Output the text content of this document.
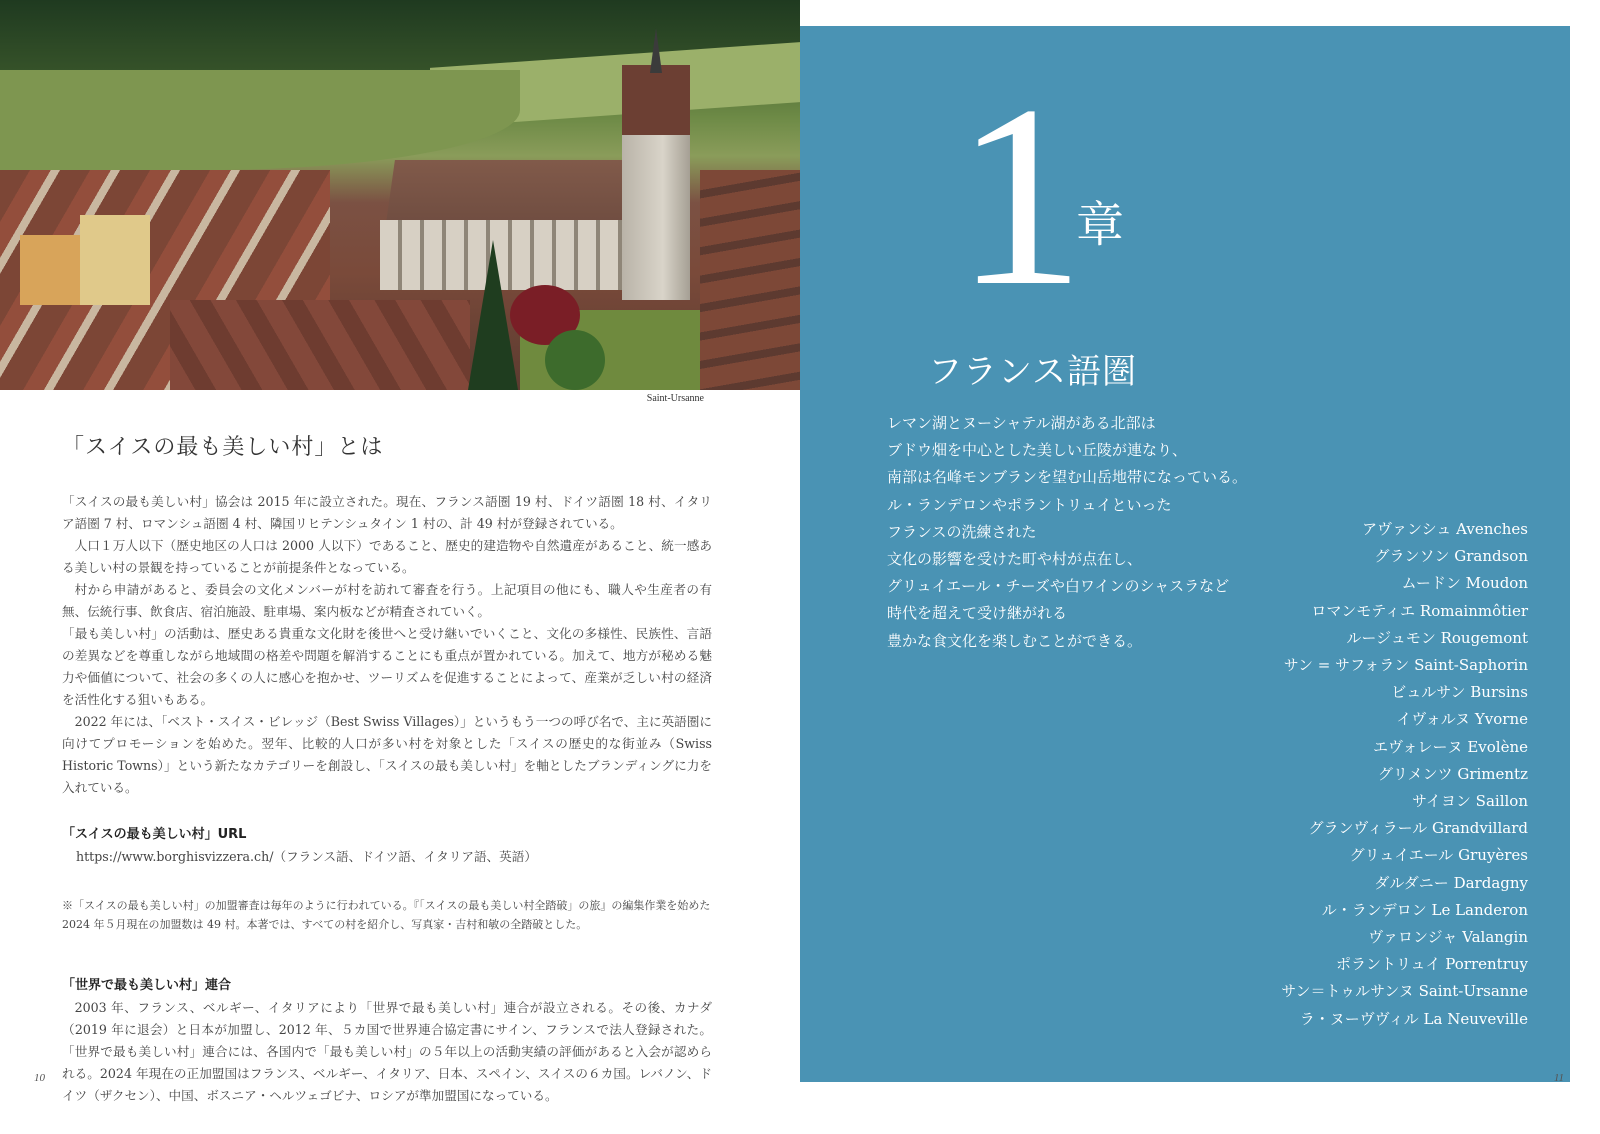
Saint-Ursanne
「スイスの最も美しい村」とは

「スイスの最も美しい村」協会は 2015 年に設立された。現在、フランス語圏 19 村、ドイツ語圏 18 村、イタリア語圏 7 村、ロマンシュ語圏 4 村、隣国リヒテンシュタイン 1 村の、計 49 村が登録されている。

人口１万人以下（歴史地区の人口は 2000 人以下）であること、歴史的建造物や自然遺産があること、統一感ある美しい村の景観を持っていることが前提条件となっている。

村から申請があると、委員会の文化メンバーが村を訪れて審査を行う。上記項目の他にも、職人や生産者の有無、伝統行事、飲食店、宿泊施設、駐車場、案内板などが精査されていく。

「最も美しい村」の活動は、歴史ある貴重な文化財を後世へと受け継いでいくこと、文化の多様性、民族性、言語の差異などを尊重しながら地域間の格差や問題を解消することにも重点が置かれている。加えて、地方が秘める魅力や価値について、社会の多くの人に感心を抱かせ、ツーリズムを促進することによって、産業が乏しい村の経済を活性化する狙いもある。

2022 年には、「ベスト・スイス・ビレッジ（Best Swiss Villages）」というもう一つの呼び名で、主に英語圏に向けてプロモーションを始めた。翌年、比較的人口が多い村を対象とした「スイスの歴史的な街並み（Swiss Historic Towns）」という新たなカテゴリーを創設し、「スイスの最も美しい村」を軸としたブランディングに力を入れている。

「スイスの最も美しい村」URL

https://www.borghisvizzera.ch/（フランス語、ドイツ語、イタリア語、英語）

※「スイスの最も美しい村」の加盟審査は毎年のように行われている。『「スイスの最も美しい村全踏破」の旅』の編集作業を始めた 2024 年５月現在の加盟数は 49 村。本著では、すべての村を紹介し、写真家・吉村和敏の全踏破とした。

「世界で最も美しい村」連合

2003 年、フランス、ベルギー、イタリアにより「世界で最も美しい村」連合が設立される。その後、カナダ（2019 年に退会）と日本が加盟し、2012 年、５カ国で世界連合協定書にサイン、フランスで法人登録された。「世界で最も美しい村」連合には、各国内で「最も美しい村」の５年以上の活動実績の評価があると入会が認められる。2024 年現在の正加盟国はフランス、ベルギー、イタリア、日本、スペイン、スイスの６カ国。レバノン、ドイツ（ザクセン）、中国、ボスニア・ヘルツェゴビナ、ロシアが準加盟国になっている。

10
1
章
フランス語圏
レマン湖とヌーシャテル湖がある北部は
ブドウ畑を中心とした美しい丘陵が連なり、
南部は名峰モンブランを望む山岳地帯になっている。
ル・ランデロンやポラントリュイといった
フランスの洗練された
文化の影響を受けた町や村が点在し、
グリュイエール・チーズや白ワインのシャスラなど
時代を超えて受け継がれる
豊かな食文化を楽しむことができる。
アヴァンシュ Avenches
グランソン Grandson
ムードン Moudon
ロマンモティエ Romainmôtier
ルージュモン Rougemont
サン = サフォラン Saint-Saphorin
ビュルサン Bursins
イヴォルヌ Yvorne
エヴォレーヌ Evolène
グリメンツ Grimentz
サイヨン Saillon
グランヴィラール Grandvillard
グリュイエール Gruyères
ダルダニー Dardagny
ル・ランデロン Le Landeron
ヴァロンジャ Valangin
ポラントリュイ Porrentruy
サン＝トゥルサンヌ Saint-Ursanne
ラ・ヌーヴヴィル La Neuveville
11
